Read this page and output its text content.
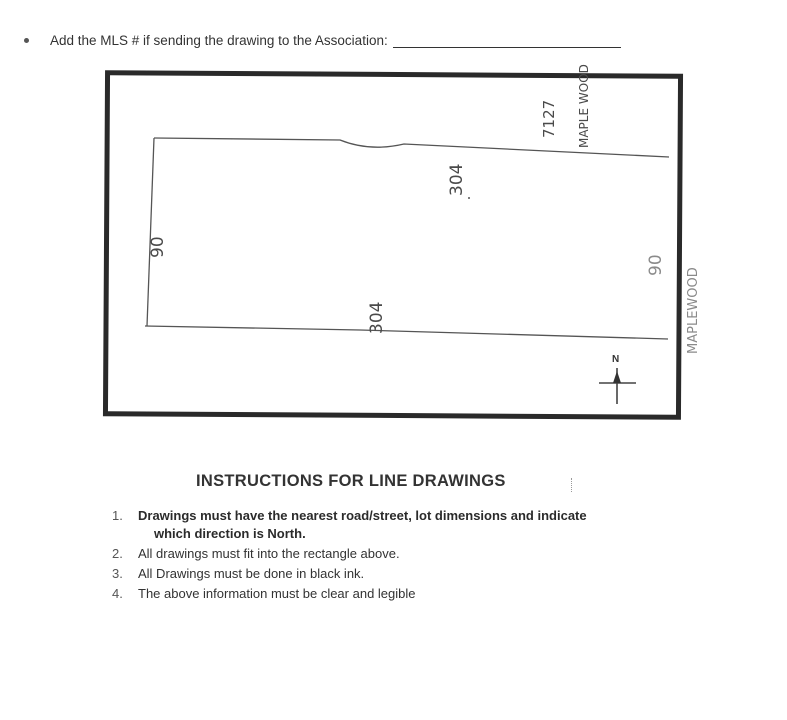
Add the MLS # if sending the drawing to the Association:
304
304
90
90
7127 MAPLE WOOD
MAPLEWOOD
N
INSTRUCTIONS FOR LINE DRAWINGS
1.	Drawings must have the nearest road/street, lot dimensions and indicate
which direction is North.
2.	All drawings must fit into the rectangle above.
3.	All Drawings must be done in black ink.
4.	The above information must be clear and legible
